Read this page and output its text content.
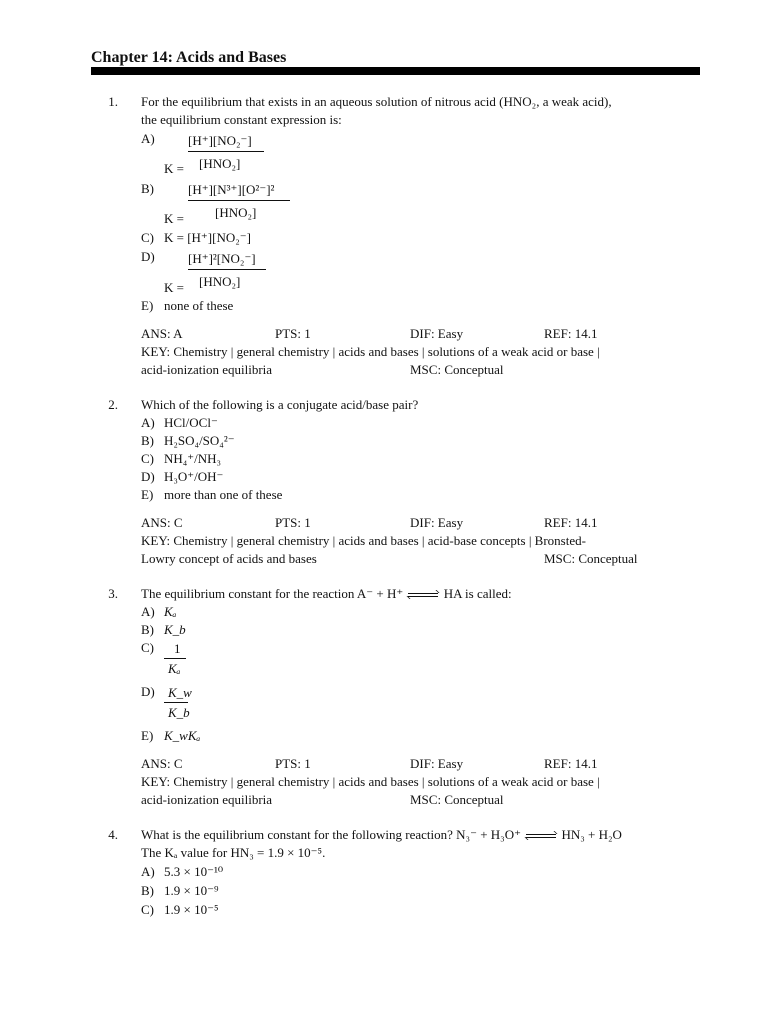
Chapter 14: Acids and Bases
1. For the equilibrium that exists in an aqueous solution of nitrous acid (HNO₂, a weak acid),
the equilibrium constant expression is:
A)	[H⁺][NO₂⁻]
K = [HNO₂]
B)	[H⁺][N³⁺][O²⁻]²
K = [HNO₂]
C) K = [H⁺][NO₂⁻]
D)	[H⁺]²[NO₂⁻]
K = [HNO₂]
E) none of these
ANS: A	PTS: 1	DIF: Easy	REF: 14.1
KEY: Chemistry | general chemistry | acids and bases | solutions of a weak acid or base |
acid-ionization equilibria	MSC: Conceptual
2. Which of the following is a conjugate acid/base pair?
A) HCl/OCl⁻
B) H₂SO₄/SO₄²⁻
C) NH₄⁺/NH₃
D) H₃O⁺/OH⁻
E) more than one of these
ANS: C	PTS: 1	DIF: Easy	REF: 14.1
KEY: Chemistry | general chemistry | acids and bases | acid-base concepts | Bronsted-
Lowry concept of acids and bases	MSC: Conceptual
3. The equilibrium constant for the reaction A⁻ + H⁺	HA is called:
A) Kₐ
B) K_b
C) 1
Kₐ
D) K_w
K_b
E) K_wKₐ
ANS: C	PTS: 1	DIF: Easy	REF: 14.1
KEY: Chemistry | general chemistry | acids and bases | solutions of a weak acid or base |
acid-ionization equilibria	MSC: Conceptual
4. What is the equilibrium constant for the following reaction? N₃⁻ + H₃O⁺	HN₃ + H₂O
The Kₐ value for HN₃ = 1.9 × 10⁻⁵.
A) 5.3 × 10⁻¹⁰
B) 1.9 × 10⁻⁹
C) 1.9 × 10⁻⁵
